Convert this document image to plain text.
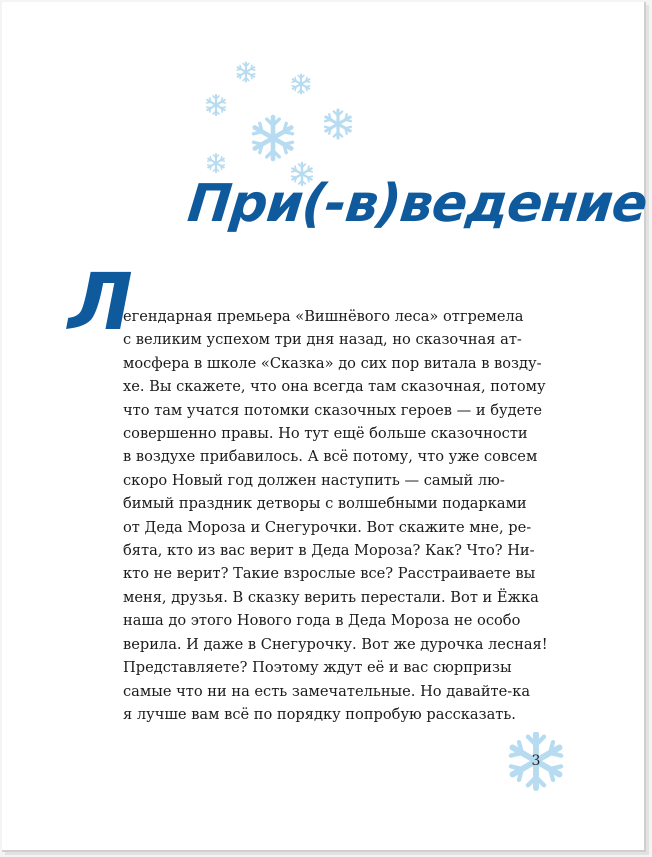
При(-в)ведение
Л

егендарная премьера «Вишнёвого леса» отгремела
с великим успехом три дня назад, но сказочная ат-
мосфера в школе «Сказка» до сих пор витала в возду-
хе. Вы скажете, что она всегда там сказочная, потому
что там учатся потомки сказочных героев — и будете
совершенно правы. Но тут ещё больше сказочности
в воздухе прибавилось. А всё потому, что уже совсем
скоро Новый год должен наступить — самый лю-
бимый праздник детворы с волшебными подарками
от Деда Мороза и Снегурочки. Вот скажите мне, ре-
бята, кто из вас верит в Деда Мороза? Как? Что? Ни-
кто не верит? Такие взрослые все? Расстраиваете вы
меня, друзья. В сказку верить перестали. Вот и Ёжка
наша до этого Нового года в Деда Мороза не особо
верила. И даже в Снегурочку. Вот же дурочка лесная!
Представляете? Поэтому ждут её и вас сюрпризы
самые что ни на есть замечательные. Но давайте-ка
я лучше вам всё по порядку попробую рассказать.

3
